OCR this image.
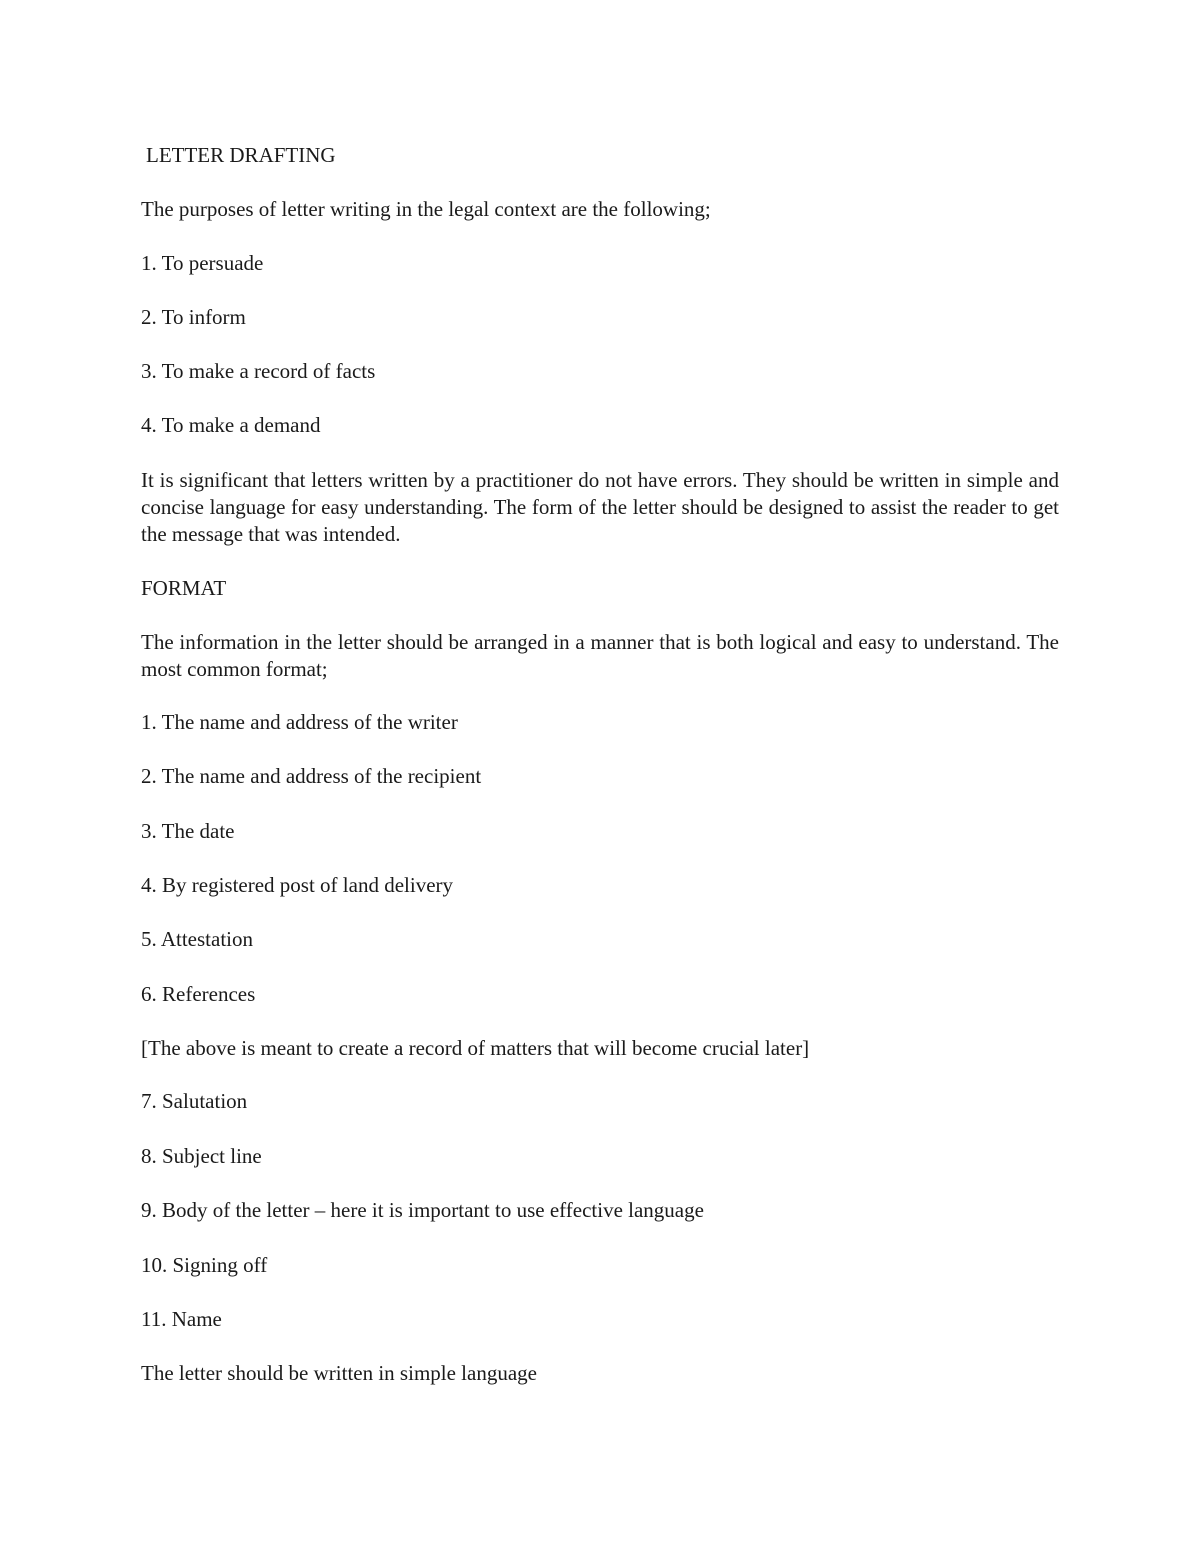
LETTER DRAFTING

The purposes of letter writing in the legal context are the following;

1. To persuade

2. To inform

3. To make a record of facts

4. To make a demand

It is significant that letters written by a practitioner do not have errors. They should be written in simple and concise language for easy understanding. The form of the letter should be designed to assist the reader to get the message that was intended.

FORMAT

The information in the letter should be arranged in a manner that is both logical and easy to understand. The most common format;

1. The name and address of the writer

2. The name and address of the recipient

3. The date

4. By registered post of land delivery

5. Attestation

6. References

[The above is meant to create a record of matters that will become crucial later]

7. Salutation

8. Subject line

9. Body of the letter – here it is important to use effective language

10. Signing off

11. Name

The letter should be written in simple language
